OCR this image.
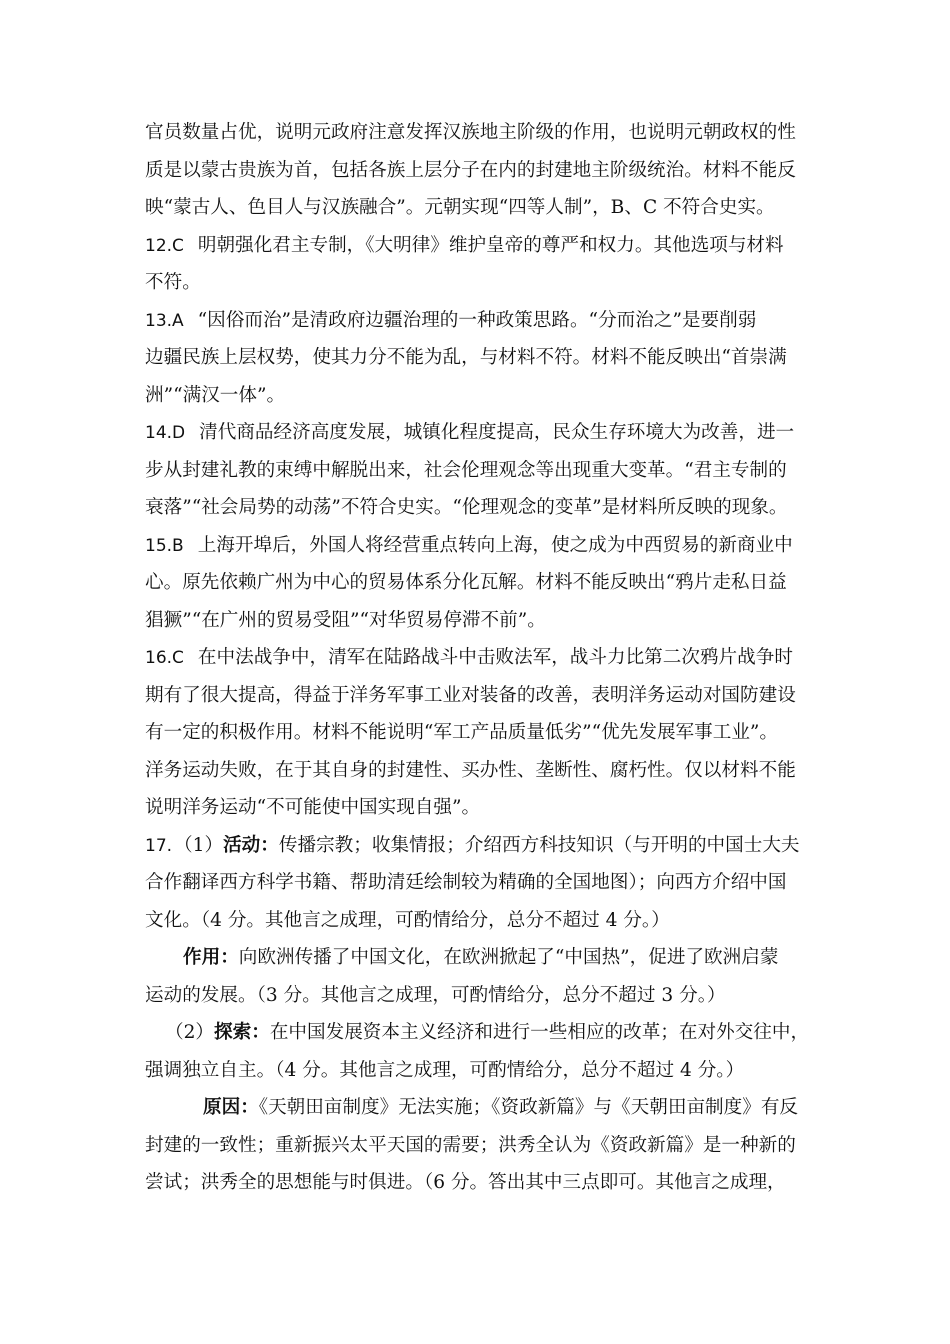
官员数量占优，说明元政府注意发挥汉族地主阶级的作用，也说明元朝政权的性
质是以蒙古贵族为首，包括各族上层分子在内的封建地主阶级统治。材料不能反
映“蒙古人、色目人与汉族融合”。元朝实现“四等人制”，B、C 不符合史实。
12.C 明朝强化君主专制，《大明律》维护皇帝的尊严和权力。其他选项与材料
不符。
13.A “因俗而治”是清政府边疆治理的一种政策思路。“分而治之”是要削弱
边疆民族上层权势，使其力分不能为乱，与材料不符。材料不能反映出“首崇满
洲”“满汉一体”。
14.D 清代商品经济高度发展，城镇化程度提高，民众生存环境大为改善，进一
步从封建礼教的束缚中解脱出来，社会伦理观念等出现重大变革。“君主专制的
衰落”“社会局势的动荡”不符合史实。“伦理观念的变革”是材料所反映的现象。
15.B 上海开埠后，外国人将经营重点转向上海，使之成为中西贸易的新商业中
心。原先依赖广州为中心的贸易体系分化瓦解。材料不能反映出“鸦片走私日益
猖獗”“在广州的贸易受阻”“对华贸易停滞不前”。
16.C 在中法战争中，清军在陆路战斗中击败法军，战斗力比第二次鸦片战争时
期有了很大提高，得益于洋务军事工业对装备的改善，表明洋务运动对国防建设
有一定的积极作用。材料不能说明“军工产品质量低劣”“优先发展军事工业”。
洋务运动失败，在于其自身的封建性、买办性、垄断性、腐朽性。仅以材料不能
说明洋务运动“不可能使中国实现自强”。
17. （1）活动：传播宗教；收集情报；介绍西方科技知识（与开明的中国士大夫
合作翻译西方科学书籍、帮助清廷绘制较为精确的全国地图）；向西方介绍中国
文化。（4 分。其他言之成理，可酌情给分，总分不超过 4 分。）
作用：向欧洲传播了中国文化，在欧洲掀起了“中国热”，促进了欧洲启蒙
运动的发展。（3 分。其他言之成理，可酌情给分，总分不超过 3 分。）
（2）探索：在中国发展资本主义经济和进行一些相应的改革；在对外交往中，
强调独立自主。（4 分。其他言之成理，可酌情给分，总分不超过 4 分。）
原因：《天朝田亩制度》无法实施；《资政新篇》与《天朝田亩制度》有反
封建的一致性；重新振兴太平天国的需要；洪秀全认为《资政新篇》是一种新的
尝试；洪秀全的思想能与时俱进。（6 分。答出其中三点即可。其他言之成理，
